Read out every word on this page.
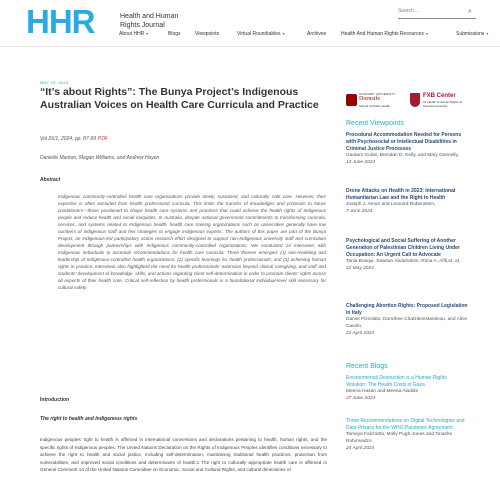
HHR	Health and Human
Rights Journal
Search ...	⌕
About HHR ▾	Blogs	Viewpoints	Virtual Roundtables ▾	Archives	Health And Human Rights Resources ▾	Submissions ▾
MAY 19, 2024
“It’s about Rights”: The Bunya Project’s Indigenous Australian Voices on Health Care Curricula and Practice
Vol 26/1, 2024, pp. 87-99 PDF
Danielle Manton, Megan Williams, and Andrew Hayen
Abstract
Indigenous community-controlled health care organizations provide timely, sustained, and culturally safe care. However, their expertise is often excluded from health professional curricula. This limits the transfer of knowledges and protocols to future practitioners—those positioned to shape health care systems and practices that could achieve the health rights of Indigenous people and reduce health and social inequities. In Australia, despite national government commitments to transforming curricula, services, and systems related to Indigenous health, health care training organizations such as universities generally have low numbers of Indigenous staff and few strategies to engage Indigenous experts. The authors of this paper are part of the Bunya Project, an Indigenous-led participatory action research effort designed to support non-Indigenous university staff and curriculum development through partnerships with Indigenous community-controlled organizations. We conducted 24 interviews with Indigenous individuals to ascertain recommendations for health care curricula. Three themes emerged: (1) role-modeling and leadership of Indigenous-controlled health organizations; (2) specific learnings for health professionals; and (3) achieving human rights in practice. Interviews also highlighted the need for health professionals’ extension beyond clinical caregiving, and staff and students’ development of knowledge, skills, and actions regarding client self-determination in order to promote clients’ rights across all aspects of their health care. Critical self-reflection by health professionals is a foundational individual-level skill necessary for cultural safety.
Introduction
The right to health and Indigenous rights
Indigenous peoples’ right to health is affirmed in international conventions and declarations pertaining to health, human rights, and the specific rights of Indigenous peoples. The United Nations Declaration on the Rights of Indigenous Peoples identifies conditions necessary to achieve the right to health and social justice, including self-determination, maintaining traditional health practices, protection from vulnerabilities, and improved social conditions and determinants of health.1 The right to culturally appropriate health care is affirmed in General Comment 14 of the United Nations Committee on Economic, Social and Cultural Rights, and cultural dimensions of
HARVARD UNIVERSITY
Dornsife
School of Public Health
FXB Center
for Health & Human Rights at Harvard University
Recent Viewpoints
Procedural Accommodation Needed for Persons with Psychosocial or Intellectual Disabilities in Criminal Justice Processes
Gautam Gulati, Brendan D. Kelly, and Mary Donnelly,
13 June 2024
Drone Attacks on Health in 2023: International Humanitarian Law and the Right to Health
Joseph J. Amon and Leonard Rubenstein,
7 June 2024
Psychological and Social Suffering of Another Generation of Palestinian Children Living Under Occupation: An Urgent Call to Advocate
Tania Bosqui, Sawsan Abdulrahim, Rima A. Afifi,et. al,
22 May 2024
Challenging Abortion Rights: Proposed Legislation in Italy
Daniel Pizzolato, Dorothee Chatzikonstantinou, and Alice Cavolo,
22 April 2024
Recent Blogs
Environmental Destruction is a Human Rights Violation: The Health Crisis in Gaza
Meena Hasan and Meena Aladdin
27 June 2024
Three Recommendations on Digital Technologies and Data Privacy for the WHO Pandemic Agreement
Tamaya Falchetta, Molly Pugh-Jones and Tinashe Rufurwadzo
24 April 2024
